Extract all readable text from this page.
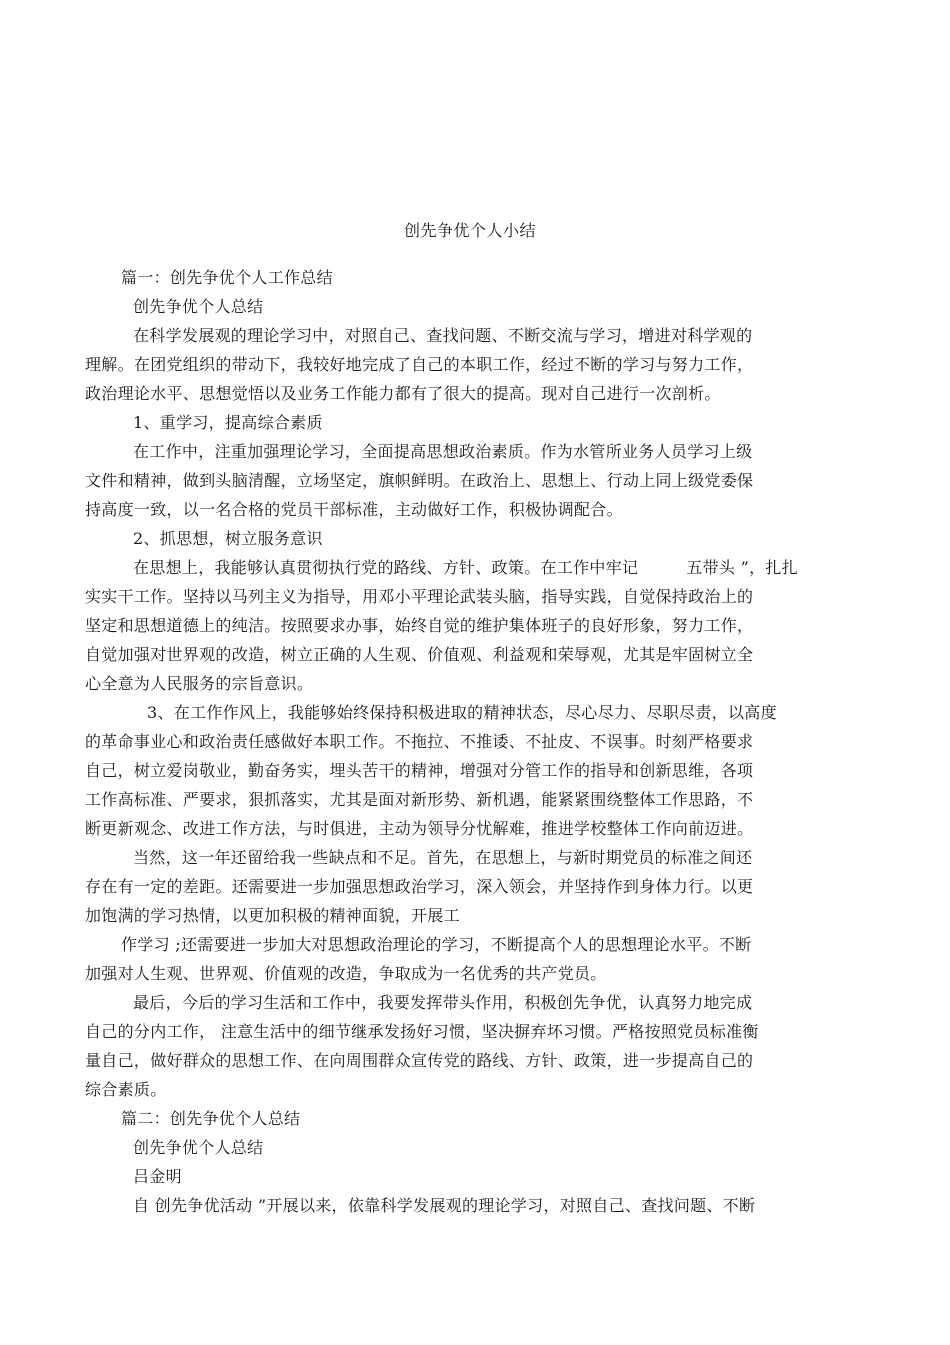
创先争优个人小结
篇一：创先争优个人工作总结
创先争优个人总结
在科学发展观的理论学习中，对照自己、查找问题、不断交流与学习，增进对科学观的
理解。在团党组织的带动下，我较好地完成了自己的本职工作，经过不断的学习与努力工作，
政治理论水平、思想觉悟以及业务工作能力都有了很大的提高。现对自己进行一次剖析。
1、重学习，提高综合素质
在工作中，注重加强理论学习，全面提高思想政治素质。作为水管所业务人员学习上级
文件和精神，做到头脑清醒，立场坚定，旗帜鲜明。在政治上、思想上、行动上同上级党委保
持高度一致，以一名合格的党员干部标准，主动做好工作，积极协调配合。
2、抓思想，树立服务意识
在思想上，我能够认真贯彻执行党的路线、方针、政策。在工作中牢记	五带头 ”，扎扎
实实干工作。坚持以马列主义为指导，用邓小平理论武装头脑，指导实践，自觉保持政治上的
坚定和思想道德上的纯洁。按照要求办事，始终自觉的维护集体班子的良好形象，努力工作，
自觉加强对世界观的改造，树立正确的人生观、价值观、利益观和荣辱观，尤其是牢固树立全
心全意为人民服务的宗旨意识。
3、在工作作风上，我能够始终保持积极进取的精神状态，尽心尽力、尽职尽责，以高度
的革命事业心和政治责任感做好本职工作。不拖拉、不推诿、不扯皮、不误事。时刻严格要求
自己，树立爱岗敬业，勤奋务实，埋头苦干的精神，增强对分管工作的指导和创新思维，各项
工作高标准、严要求，狠抓落实，尤其是面对新形势、新机遇，能紧紧围绕整体工作思路，不
断更新观念、改进工作方法，与时俱进，主动为领导分忧解难，推进学校整体工作向前迈进。
当然，这一年还留给我一些缺点和不足。首先，在思想上，与新时期党员的标准之间还
存在有一定的差距。还需要进一步加强思想政治学习，深入领会，并坚持作到身体力行。以更
加饱满的学习热情，以更加积极的精神面貌，开展工
作学习 ;还需要进一步加大对思想政治理论的学习，不断提高个人的思想理论水平。不断
加强对人生观、世界观、价值观的改造，争取成为一名优秀的共产党员。
最后，今后的学习生活和工作中，我要发挥带头作用，积极创先争优，认真努力地完成
自己的分内工作， 注意生活中的细节继承发扬好习惯，坚决摒弃坏习惯。严格按照党员标准衡
量自己，做好群众的思想工作、在向周围群众宣传党的路线、方针、政策，进一步提高自己的
综合素质。
篇二：创先争优个人总结
创先争优个人总结
吕金明
自 创先争优活动 ”开展以来，依靠科学发展观的理论学习，对照自己、查找问题、不断
